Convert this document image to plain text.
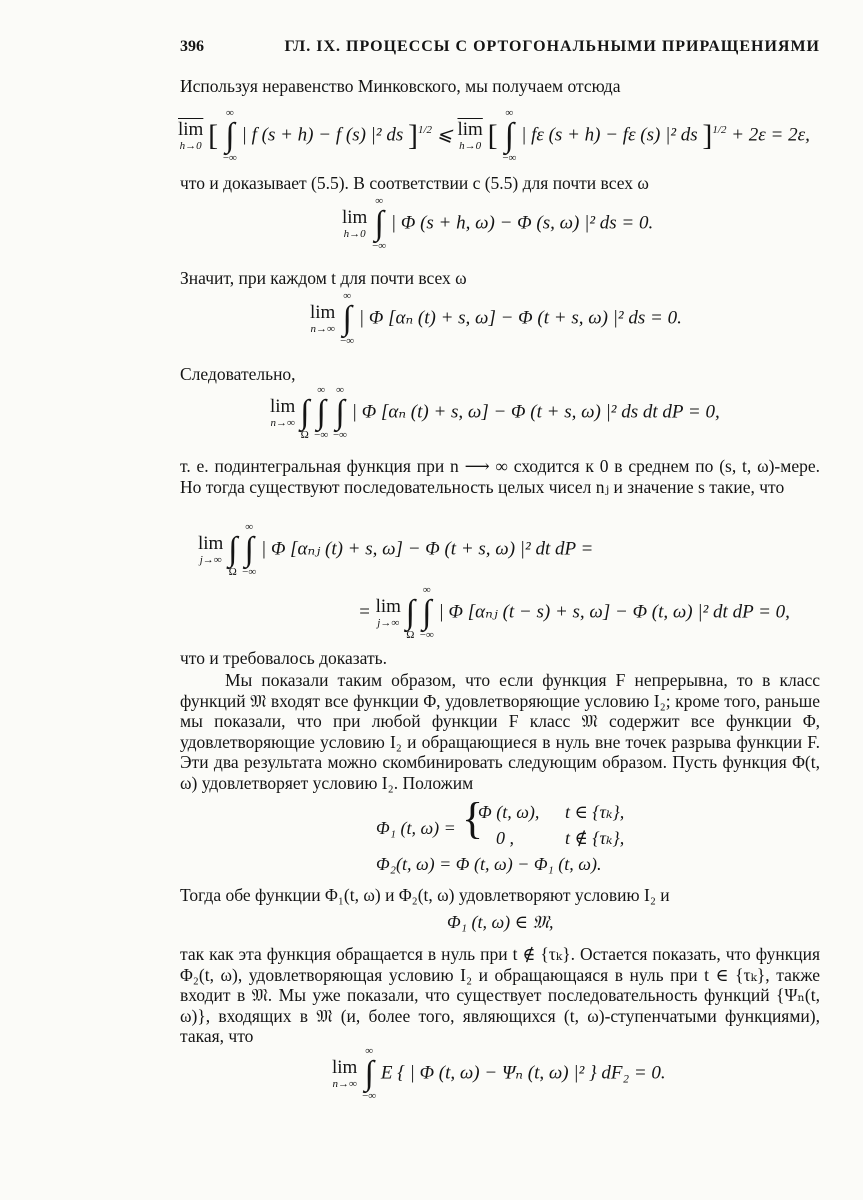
396	ГЛ. IX. ПРОЦЕССЫ С ОРТОГОНАЛЬНЫМИ ПРИРАЩЕНИЯМИ
Используя неравенство Минковского, мы получаем отсюда
$\overline{lim}$
h→0 [
∞
∫
−∞
| f (s + h) − f (s) |² ds ]$^{1/2}$ ⩽ $\overline{lim}$
h→0 [
∞
∫
−∞
| fε (s + h) − fε (s) |² ds ]$^{1/2}$ + 2ε = 2ε,
что и доказывает (5.5). В соответствии с (5.5) для почти всех ω
lim
h→0

∞
∫
−∞
| Φ (s + h, ω) − Φ (s, ω) |² ds = 0.
Значит, при каждом t для почти всех ω
lim
n→∞

∞
∫
−∞
| Φ [αₙ (t) + s, ω] − Φ (t + s, ω) |² ds = 0.
Следовательно,
lim
n→∞

∫
Ω

∞
∫
−∞

∞
∫
−∞
| Φ [αₙ (t) + s, ω] − Φ (t + s, ω) |² ds dt dP = 0,
т. е. подинтегральная функция при n ⟶ ∞ сходится к 0 в среднем по (s, t, ω)-мере. Но тогда существуют последовательность целых чисел nⱼ и значение s такие, что
lim
j→∞

∫
Ω

∞
∫
−∞
| Φ [αₙⱼ (t) + s, ω] − Φ (t + s, ω) |² dt dP =
= lim
j→∞

∫
Ω

∞
∫
−∞
| Φ [αₙⱼ (t − s) + s, ω] − Φ (t, ω) |² dt dP = 0,
что и требовалось доказать.
Мы показали таким образом, что если функция F непрерывна, то в класс функций 𝔐 входят все функции Φ, удовлетворяющие условию I₂; кроме того, раньше мы показали, что при любой функции F класс 𝔐 содержит все функции Φ, удовлетворяющие условию I₂ и обращающиеся в нуль вне точек разрыва функции F. Эти два результата можно скомбинировать следующим образом. Пусть функция Φ(t, ω) удовлетворяет условию I₂. Положим
Φ₁ (t, ω) = {
Φ (t, ω), t ∈ {τₖ},
0 ,	t ∉ {τₖ},
Φ₂(t, ω) = Φ (t, ω) − Φ₁ (t, ω).
Тогда обе функции Φ₁(t, ω) и Φ₂(t, ω) удовлетворяют условию I₂ и
Φ₁ (t, ω) ∈ 𝔐,
так как эта функция обращается в нуль при t ∉ {τₖ}. Остается показать, что функция Φ₂(t, ω), удовлетворяющая условию I₂ и обращающаяся в нуль при t ∈ {τₖ}, также входит в 𝔐. Мы уже показали, что существует последовательность функций {Ψₙ(t, ω)}, входящих в 𝔐 (и, более того, являющихся (t, ω)-ступенчатыми функциями), такая, что
lim
n→∞

∞
∫
−∞
E { | Φ (t, ω) − Ψₙ (t, ω) |² } dF₂ = 0.
